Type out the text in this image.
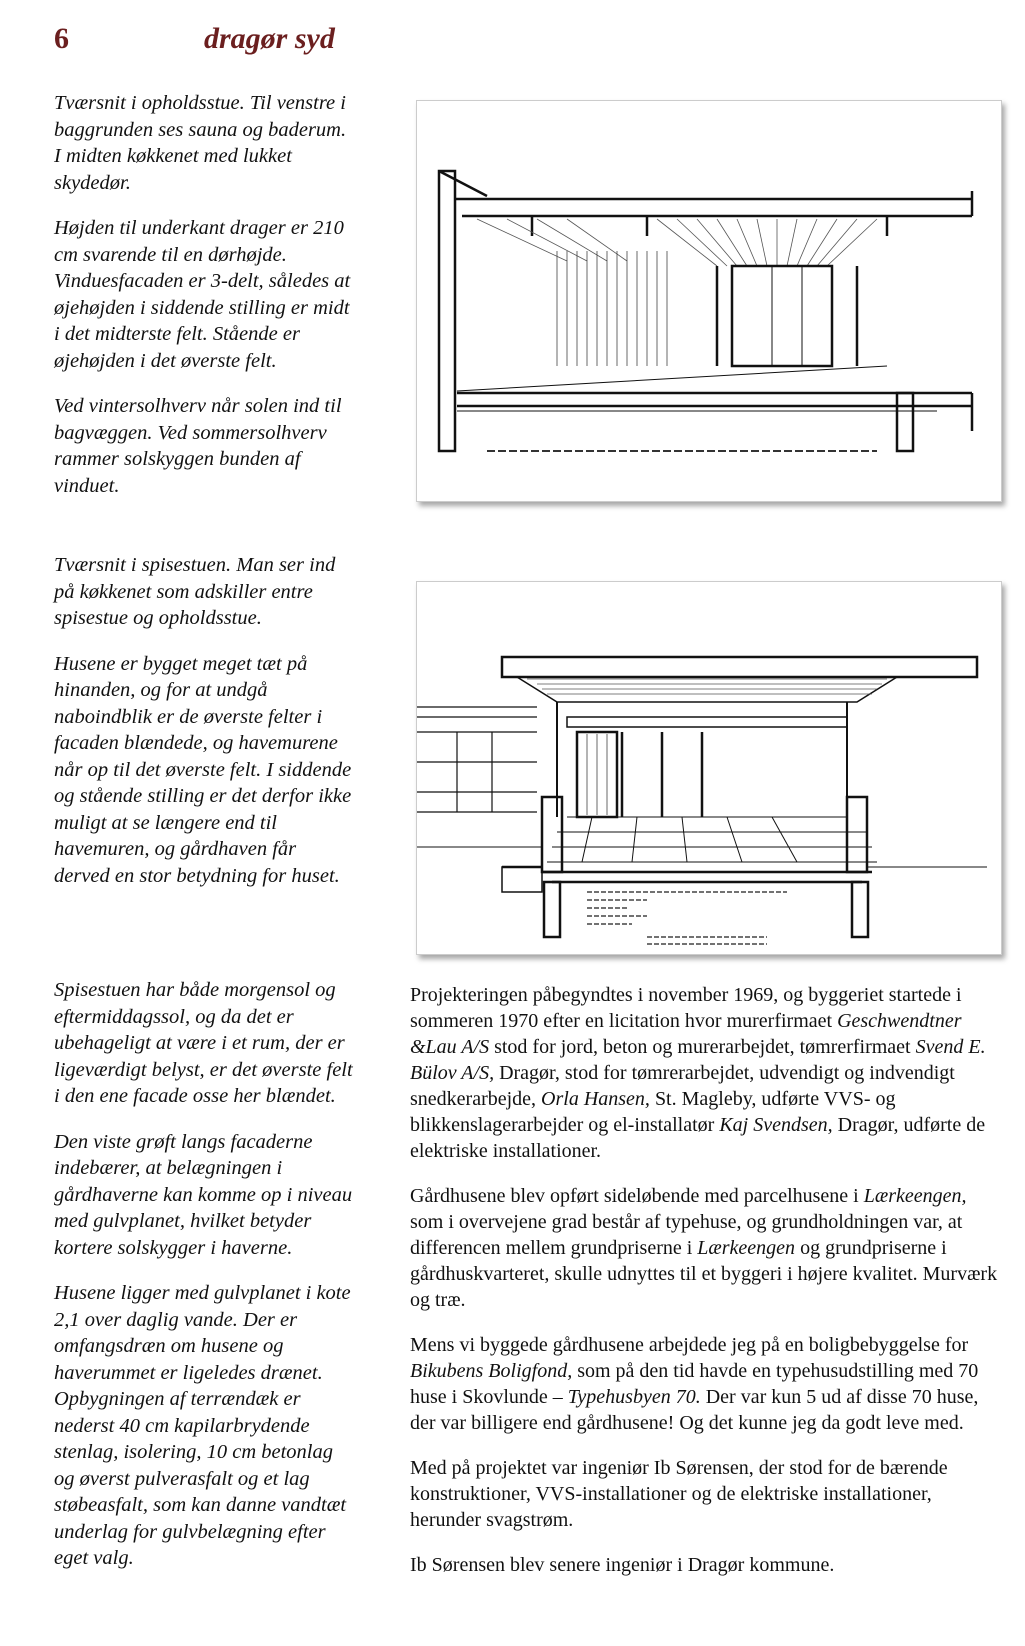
6	dragør syd

Tværsnit i opholdsstue. Til venstre i baggrunden ses sauna og baderum. I midten køkkenet med lukket skydedør.

Højden til underkant drager er 210 cm svarende til en dørhøjde. Vinduesfacaden er 3-delt, således at øjehøjden i siddende stilling er midt i det midterste felt. Stående er øjehøjden i det øverste felt.

Ved vintersolhverv når solen ind til bagvæggen. Ved sommersolhverv rammer solskyggen bunden af vinduet.

Tværsnit i spisestuen. Man ser ind på køkkenet som adskiller entre spisestue og opholdsstue.

Husene er bygget meget tæt på hinanden, og for at undgå naboindblik er de øverste felter i facaden blændede, og havemurene når op til det øverste felt. I siddende og stående stilling er det derfor ikke muligt at se længere end til havemuren, og gårdhaven får derved en stor betydning for huset.

Spisestuen har både morgensol og eftermiddagssol, og da det er ubehageligt at være i et rum, der er ligeværdigt belyst, er det øverste felt i den ene facade osse her blændet.

Den viste grøft langs facaderne indebærer, at belægningen i gårdhaverne kan komme op i niveau med gulvplanet, hvilket betyder kortere solskygger i haverne.

Husene ligger med gulvplanet i kote 2,1 over daglig vande. Der er omfangsdræn om husene og haverummet er ligeledes drænet. Opbygningen af terrændæk er nederst 40 cm kapilarbrydende stenlag, isolering, 10 cm betonlag og øverst pulverasfalt og et lag støbeasfalt, som kan danne vandtæt underlag for gulvbelægning efter eget valg.

Projekteringen påbegyndtes i november 1969, og byggeriet startede i sommeren 1970 efter en licitation hvor murerfirmaet Geschwendtner &Lau A/S stod for jord, beton og murerarbejdet, tømrerfirmaet Svend E. Bülov A/S, Dragør, stod for tømrerarbejdet, udvendigt og indvendigt snedkerarbejde, Orla Hansen, St. Magleby, udførte VVS- og blikkenslagerarbejder og el-installatør Kaj Svendsen, Dragør, udførte de elektriske installationer.

Gårdhusene blev opført sideløbende med parcelhusene i Lærkeengen, som i overvejene grad består af typehuse, og grundholdningen var, at differencen mellem grundpriserne i Lærkeengen og grundpriserne i gårdhuskvarteret, skulle udnyttes til et byggeri i højere kvalitet. Murværk og træ.

Mens vi byggede gårdhusene arbejdede jeg på en boligbebyggelse for Bikubens Boligfond, som på den tid havde en typehusudstilling med 70 huse i Skovlunde – Typehusbyen 70. Der var kun 5 ud af disse 70 huse, der var billigere end gårdhusene! Og det kunne jeg da godt leve med.

Med på projektet var ingeniør Ib Sørensen, der stod for de bærende konstruktioner, VVS-installationer og de elektriske installationer, herunder svagstrøm.

Ib Sørensen blev senere ingeniør i Dragør kommune.
